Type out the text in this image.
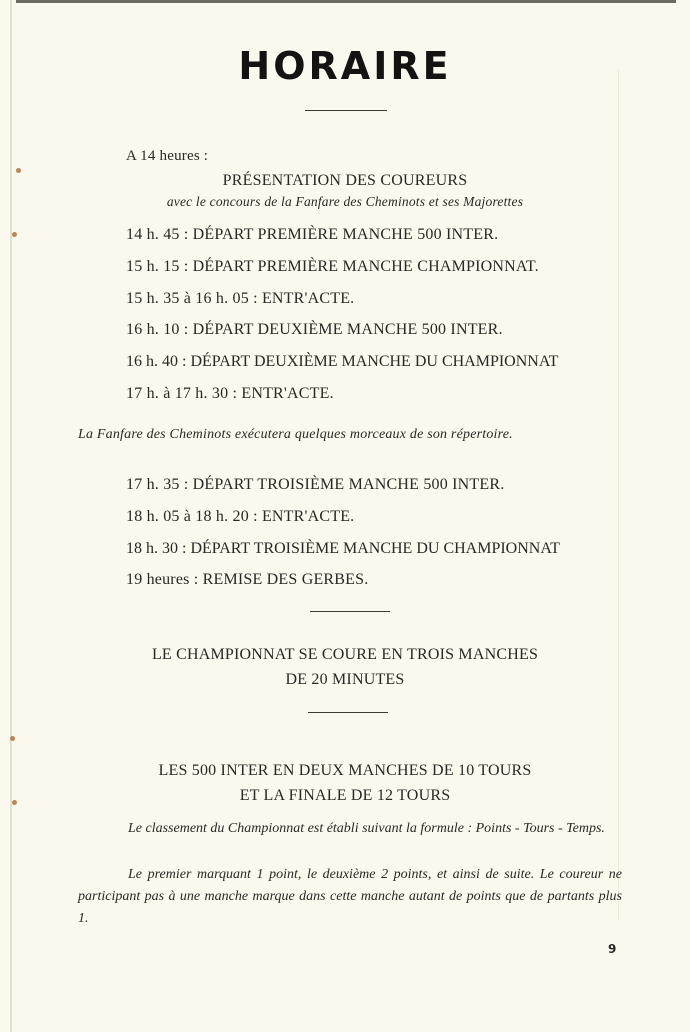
HORAIRE
A 14 heures :
PRÉSENTATION DES COUREURS
avec le concours de la Fanfare des Cheminots et ses Majorettes
14 h. 45 : DÉPART PREMIÈRE MANCHE 500 INTER.
15 h. 15 : DÉPART PREMIÈRE MANCHE CHAMPIONNAT.
15 h. 35 à 16 h. 05 : ENTR'ACTE.
16 h. 10 : DÉPART DEUXIÈME MANCHE 500 INTER.
16 h. 40 : DÉPART DEUXIÈME MANCHE DU CHAMPIONNAT
17 h. à 17 h. 30 : ENTR'ACTE.
La Fanfare des Cheminots exécutera quelques morceaux de son répertoire.
17 h. 35 : DÉPART TROISIÈME MANCHE 500 INTER.
18 h. 05 à 18 h. 20 : ENTR'ACTE.
18 h. 30 : DÉPART TROISIÈME MANCHE DU CHAMPIONNAT
19 heures : REMISE DES GERBES.
LE CHAMPIONNAT SE COURE EN TROIS MANCHES
DE 20 MINUTES
LES 500 INTER EN DEUX MANCHES DE 10 TOURS
ET LA FINALE DE 12 TOURS
Le classement du Championnat est établi suivant la formule : Points - Tours - Temps.
Le premier marquant 1 point, le deuxième 2 points, et ainsi de suite. Le coureur ne participant pas à une manche marque dans cette manche autant de points que de partants plus 1.
9
